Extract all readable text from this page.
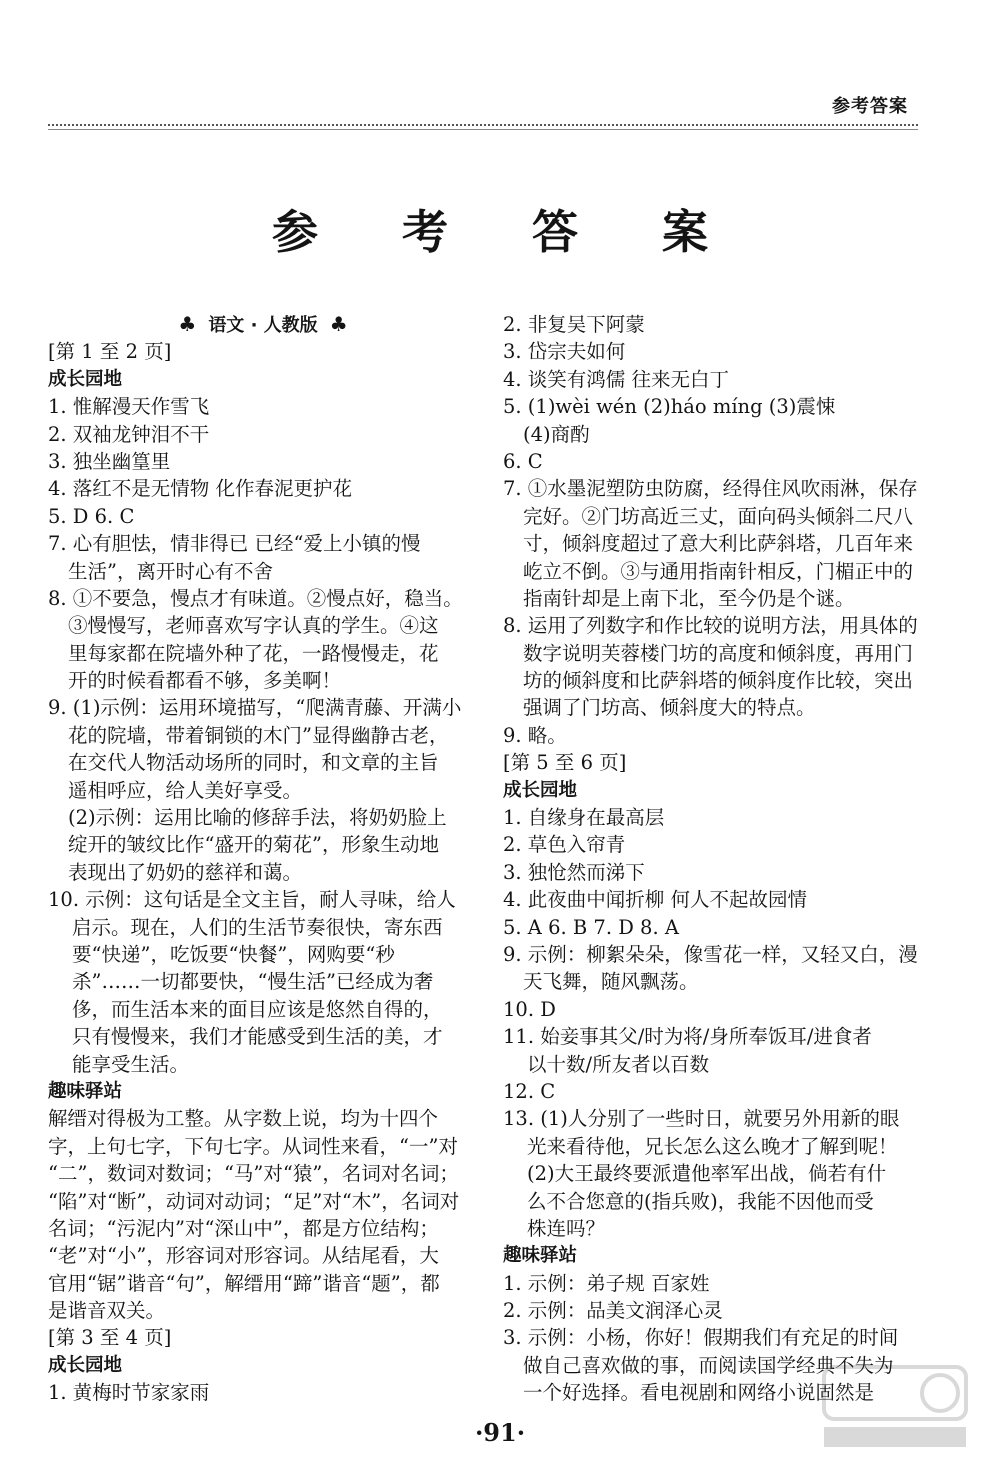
参考答案
参 考 答 案
♣ 语文 · 人教版 ♣
[第 1 至 2 页]
成长园地
1. 惟解漫天作雪飞
2. 双袖龙钟泪不干
3. 独坐幽篁里
4. 落红不是无情物 化作春泥更护花
5. D 6. C
7. 心有胆怯，情非得已 已经“爱上小镇的慢
生活”，离开时心有不舍
8. ①不要急，慢点才有味道。②慢点好，稳当。
③慢慢写，老师喜欢写字认真的学生。④这
里每家都在院墙外种了花，一路慢慢走，花
开的时候看都看不够，多美啊！
9. (1)示例：运用环境描写，“爬满青藤、开满小
花的院墙，带着铜锁的木门”显得幽静古老，
在交代人物活动场所的同时，和文章的主旨
遥相呼应，给人美好享受。
(2)示例：运用比喻的修辞手法，将奶奶脸上
绽开的皱纹比作“盛开的菊花”，形象生动地
表现出了奶奶的慈祥和蔼。
10. 示例：这句话是全文主旨，耐人寻味，给人
启示。现在，人们的生活节奏很快，寄东西
要“快递”，吃饭要“快餐”，网购要“秒
杀”……一切都要快，“慢生活”已经成为奢
侈，而生活本来的面目应该是悠然自得的，
只有慢慢来，我们才能感受到生活的美，才
能享受生活。
趣味驿站
解缙对得极为工整。从字数上说，均为十四个
字，上句七字，下句七字。从词性来看，“一”对
“二”，数词对数词；“马”对“猿”，名词对名词；
“陷”对“断”，动词对动词；“足”对“木”，名词对
名词；“污泥内”对“深山中”，都是方位结构；
“老”对“小”，形容词对形容词。从结尾看，大
官用“锯”谐音“句”，解缙用“蹄”谐音“题”，都
是谐音双关。
[第 3 至 4 页]
成长园地
1. 黄梅时节家家雨
2. 非复吴下阿蒙
3. 岱宗夫如何
4. 谈笑有鸿儒 往来无白丁
5. (1)wèi wén (2)háo míng (3)震悚
(4)商酌
6. C
7. ①水墨泥塑防虫防腐，经得住风吹雨淋，保存
完好。②门坊高近三丈，面向码头倾斜二尺八
寸，倾斜度超过了意大利比萨斜塔，几百年来
屹立不倒。③与通用指南针相反，门楣正中的
指南针却是上南下北，至今仍是个谜。
8. 运用了列数字和作比较的说明方法，用具体的
数字说明芙蓉楼门坊的高度和倾斜度，再用门
坊的倾斜度和比萨斜塔的倾斜度作比较，突出
强调了门坊高、倾斜度大的特点。
9. 略。
[第 5 至 6 页]
成长园地
1. 自缘身在最高层
2. 草色入帘青
3. 独怆然而涕下
4. 此夜曲中闻折柳 何人不起故园情
5. A 6. B 7. D 8. A
9. 示例：柳絮朵朵，像雪花一样，又轻又白，漫
天飞舞，随风飘荡。
10. D
11. 始妾事其父/时为将/身所奉饭耳/进食者
以十数/所友者以百数
12. C
13. (1)人分别了一些时日，就要另外用新的眼
光来看待他，兄长怎么这么晚才了解到呢！
(2)大王最终要派遣他率军出战，倘若有什
么不合您意的(指兵败)，我能不因他而受
株连吗？
趣味驿站
1. 示例：弟子规 百家姓
2. 示例：品美文润泽心灵
3. 示例：小杨，你好！假期我们有充足的时间
做自己喜欢做的事，而阅读国学经典不失为
一个好选择。看电视剧和网络小说固然是
·91·
